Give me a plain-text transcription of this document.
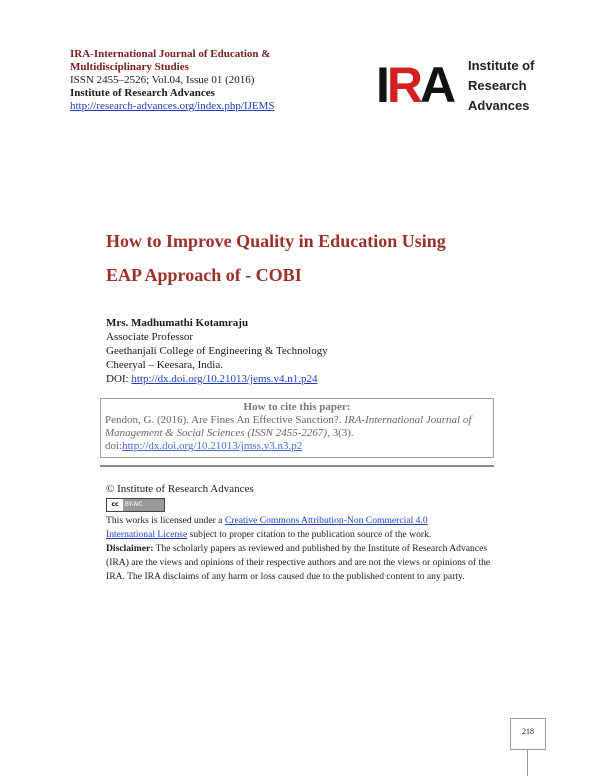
IRA-International Journal of Education &
Multidisciplinary Studies
ISSN 2455–2526; Vol.04, Issue 01 (2016)
Institute of Research Advances
http://research-advances.org/index.php/IJEMS	IRA Institute of
Research
Advances
How to Improve Quality in Education Using
EAP Approach of - COBI
Mrs. Madhumathi Kotamraju
Associate Professor
Geethanjali College of Engineering & Technology
Cheeryal – Keesara, India.
DOI: http://dx.doi.org/10.21013/jems.v4.n1.p24
How to cite this paper:
Pendon, G. (2016). Are Fines An Effective Sanction?. IRA-International Journal of Management & Social Sciences (ISSN 2455-2267), 3(3).
doi:http://dx.doi.org/10.21013/jmss.v3.n3.p2
© Institute of Research Advances
cc BY-NC
This works is licensed under a Creative Commons Attribution-Non Commercial 4.0
International License subject to proper citation to the publication source of the work.
Disclaimer: The scholarly papers as reviewed and published by the Institute of Research Advances (IRA) are the views and opinions of their respective authors and are not the views or opinions of the IRA. The IRA disclaims of any harm or loss caused due to the published content to any party.
218
